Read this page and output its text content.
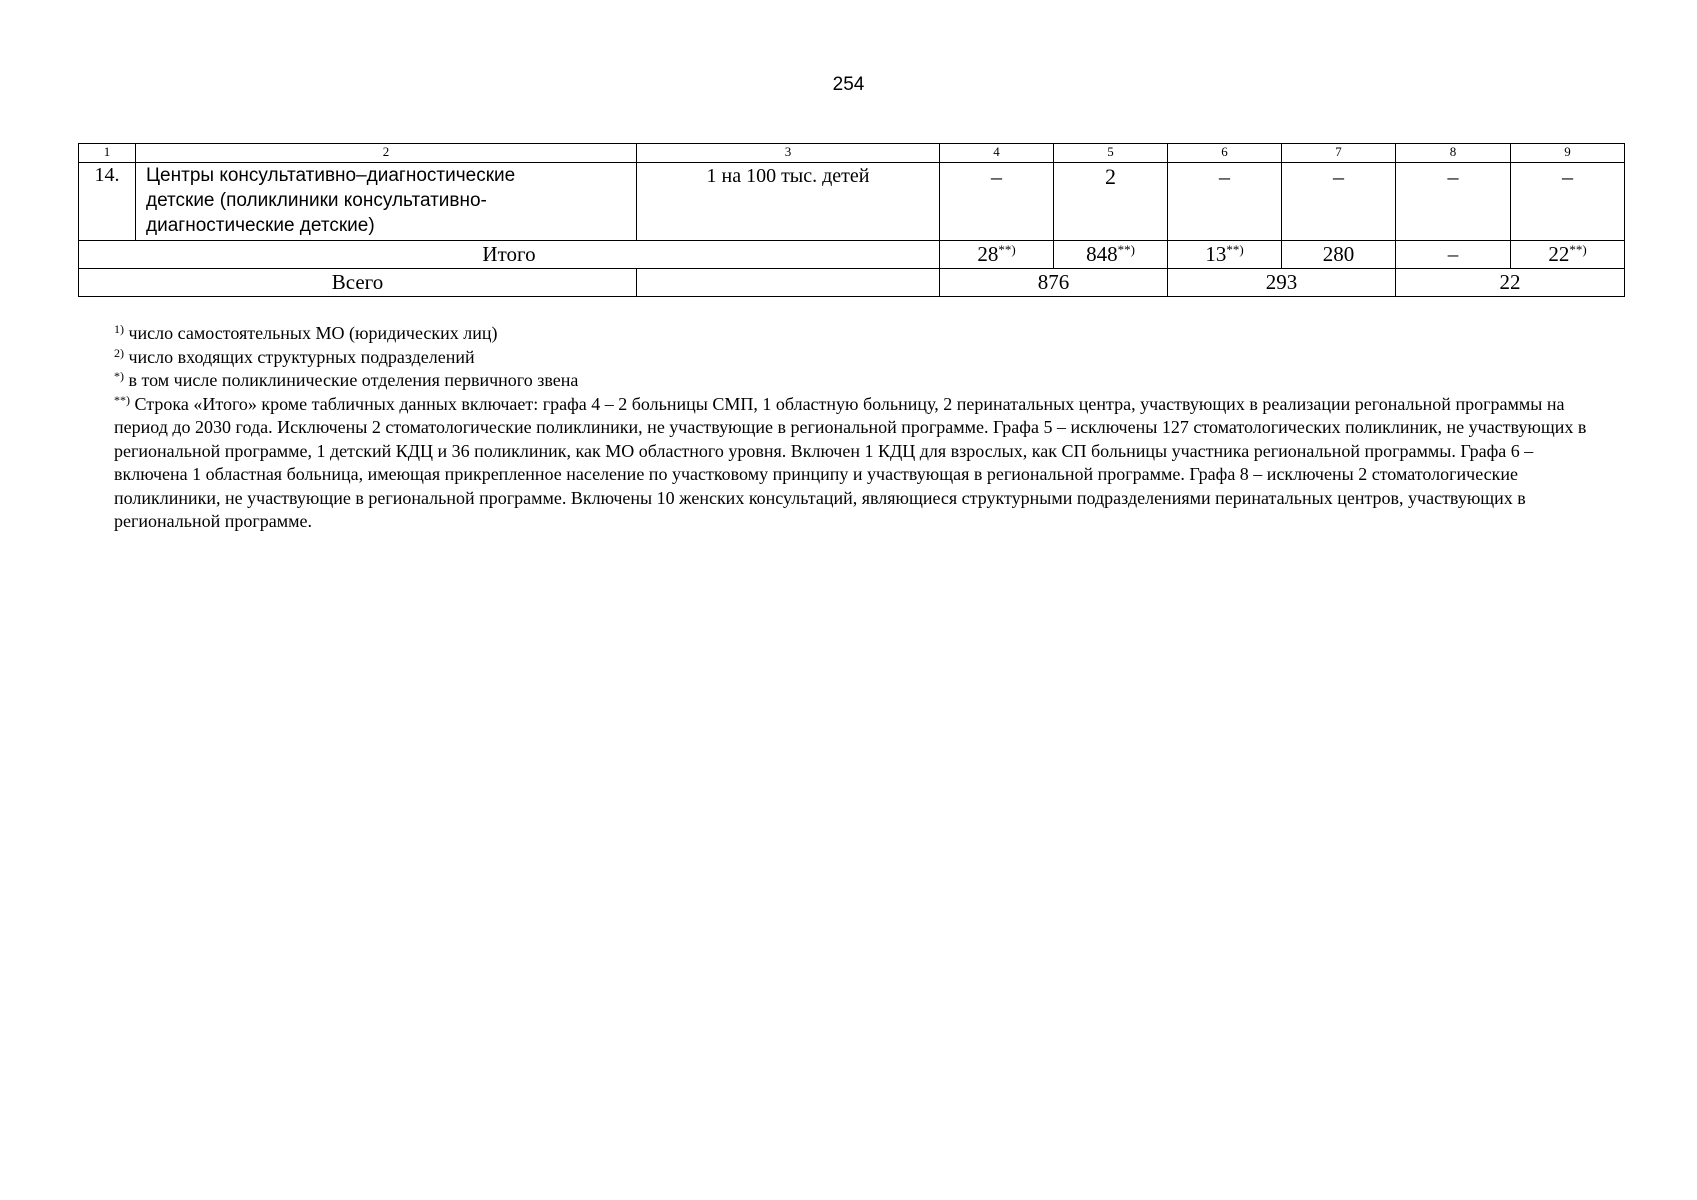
254
1	2	3	4	5	6	7	8	9
14.	Центры консультативно–диагностические
детские (поликлиники консультативно-
диагностические детские)	1 на 100 тыс. детей	–	2	–	–	–	–
Итого			28**)	848**)	13**)	280	–	22**)
Всего			876		293		22	

$^{1)}$ число самостоятельных МО (юридических лиц)

$^{2)}$ число входящих структурных подразделений

*) в том числе поликлинические отделения первичного звена

**) Строка «Итого» кроме табличных данных включает: графа 4 – 2 больницы СМП, 1 областную больницу, 2 перинатальных центра, участвующих в реализации регональной программы на период до 2030 года. Исключены 2 стоматологические поликлиники, не участвующие в региональной программе. Графа 5 – исключены 127 стоматологических поликлиник, не участвующих в региональной программе, 1 детский КДЦ и 36 поликлиник, как МО областного уровня. Включен 1 КДЦ для взрослых, как СП больницы участника региональной программы. Графа 6 – включена 1 областная больница, имеющая прикрепленное население по участковому принципу и участвующая в региональной программе. Графа 8 – исключены 2 стоматологические поликлиники, не участвующие в региональной программе. Включены 10 женских консультаций, являющиеся структурными подразделениями перинатальных центров, участвующих в региональной программе.
